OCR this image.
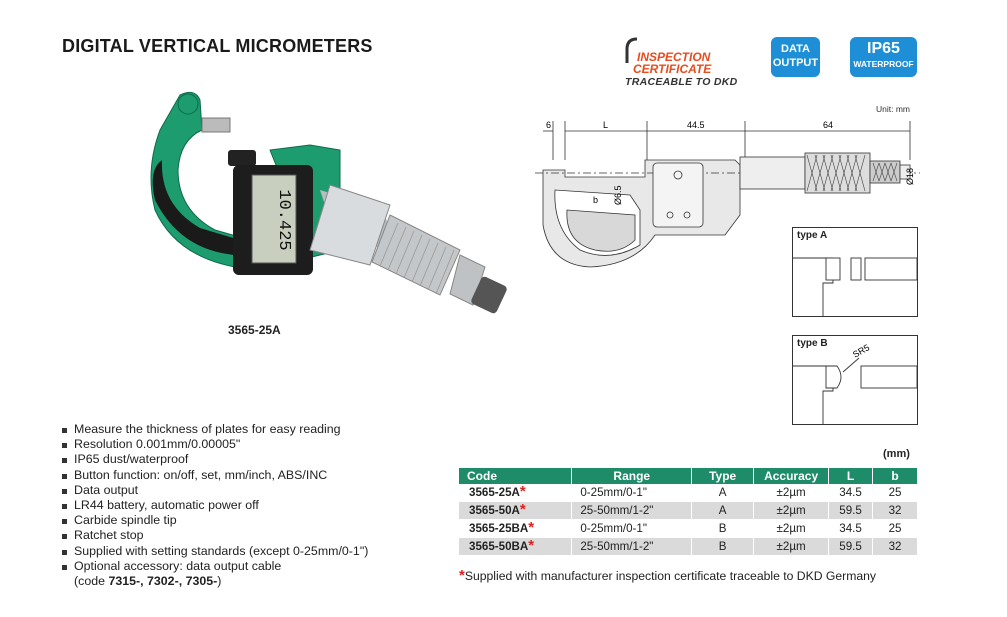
DIGITAL VERTICAL MICROMETERS
10.425
INSIZE
3565-25A
INSPECTION
CERTIFICATE
TRACEABLE TO DKD
DATA
OUTPUT
IP65
WATERPROOF
Unit: mm
6	L	44.5	64
b Ø6.5
Ø18
type A
type B	SR5
Measure the thickness of plates for easy reading
Resolution 0.001mm/0.00005"
IP65 dust/waterproof
Button function: on/off, set, mm/inch, ABS/INC
Data output
LR44 battery, automatic power off
Carbide spindle tip
Ratchet stop
Supplied with setting standards (except 0-25mm/0-1")
Optional accessory: data output cable
(code 7315-, 7302-, 7305-)
(mm)
Code	Range	Type	Accuracy	L	b
3565-25A*	0-25mm/0-1"	A	±2µm	34.5	25
3565-50A*	25-50mm/1-2"	A	±2µm	59.5	32
3565-25BA*	0-25mm/0-1"	B	±2µm	34.5	25
3565-50BA*	25-50mm/1-2"	B	±2µm	59.5	32
*Supplied with manufacturer inspection certificate traceable to DKD Germany
